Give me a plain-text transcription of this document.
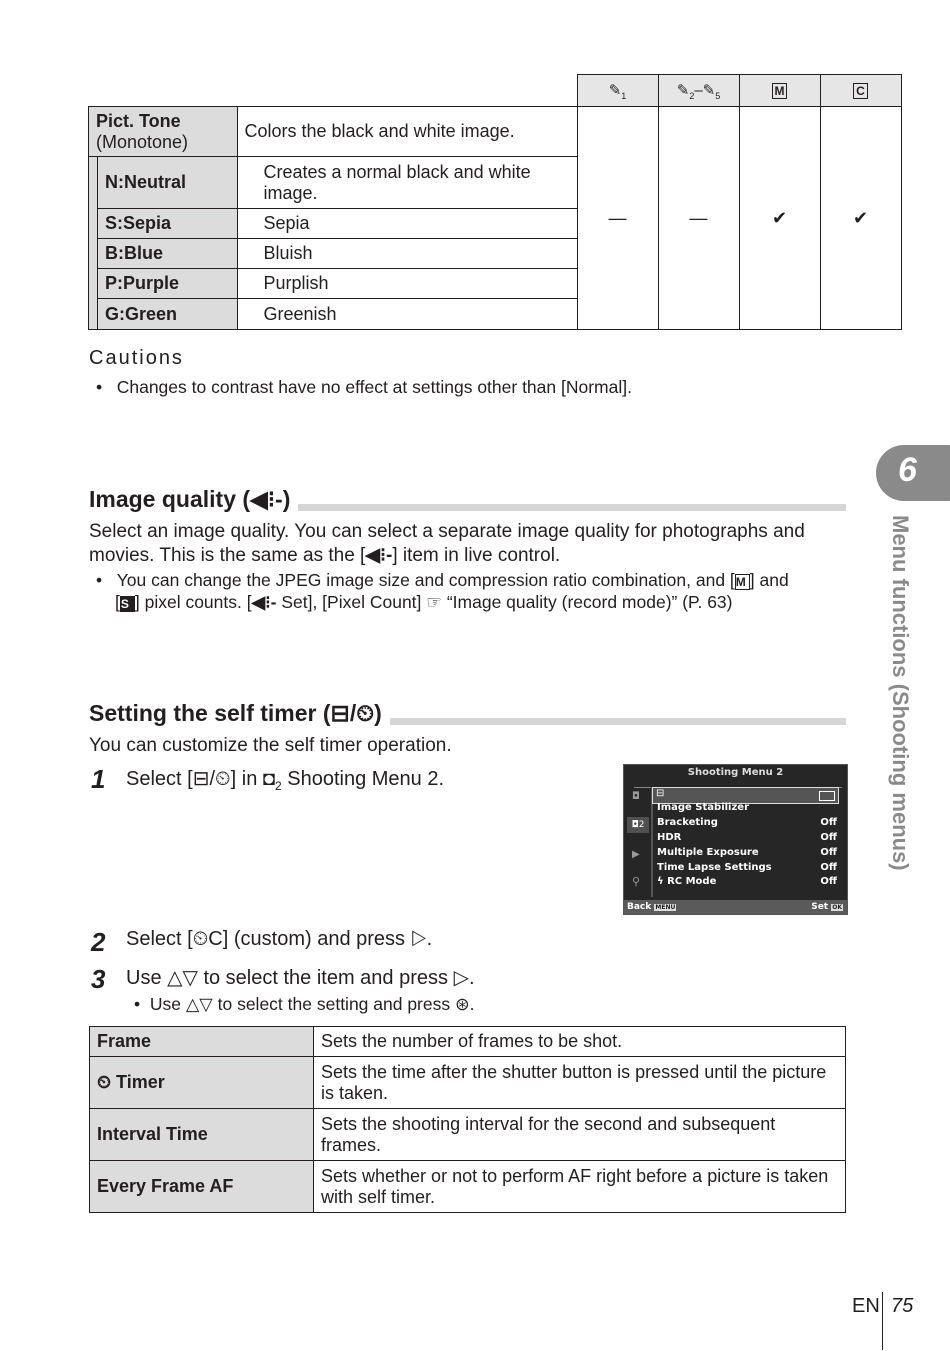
			$✎_1$	$✎_2-✎_5$	M	C
Pict. Tone
(Monotone)		Colors the black and white image.	—	—	✔	✔
	N:Neutral	Creates a normal black and white image.				
	S:Sepia	Sepia				
	B:Blue	Bluish				
	P:Purple	Purplish				
	G:Green	Greenish				
Cautions
•   Changes to contrast have no effect at settings other than [Normal].
Image quality (◀⁝-)
Select an image quality. You can select a separate image quality for photographs and
movies. This is the same as the [◀⁝-] item in live control.
•   You can change the JPEG image size and compression ratio combination, and [M ] and
[S ] pixel counts. [◀⁝- Set], [Pixel Count] ☞ “Image quality (record mode)” (P. 63)
Setting the self timer (⊟/⏲)
You can customize the self timer operation.
1 Select [⊟/⏲] in $◘_2$ Shooting Menu 2.	Shooting Menu 2
◘
◘2
▶
⚲
⊟
Image Stabilizer
Bracketing	Off
HDR	Off
Multiple Exposure	Off
Time Lapse Settings	Off
ϟ RC Mode	Off
Back MENU	Set OK
2 Select [⏲C] (custom) and press ▷.
3 Use △▽ to select the item and press ▷.
•  Use △▽ to select the setting and press ⊛.
Frame	Sets the number of frames to be shot.
⏲ Timer	Sets the time after the shutter button is pressed until the picture is taken.
Interval Time	Sets the shooting interval for the second and subsequent frames.
Every Frame AF	Sets whether or not to perform AF right before a picture is taken with self timer.
6
Menu functions (Shooting menus)
EN 75
